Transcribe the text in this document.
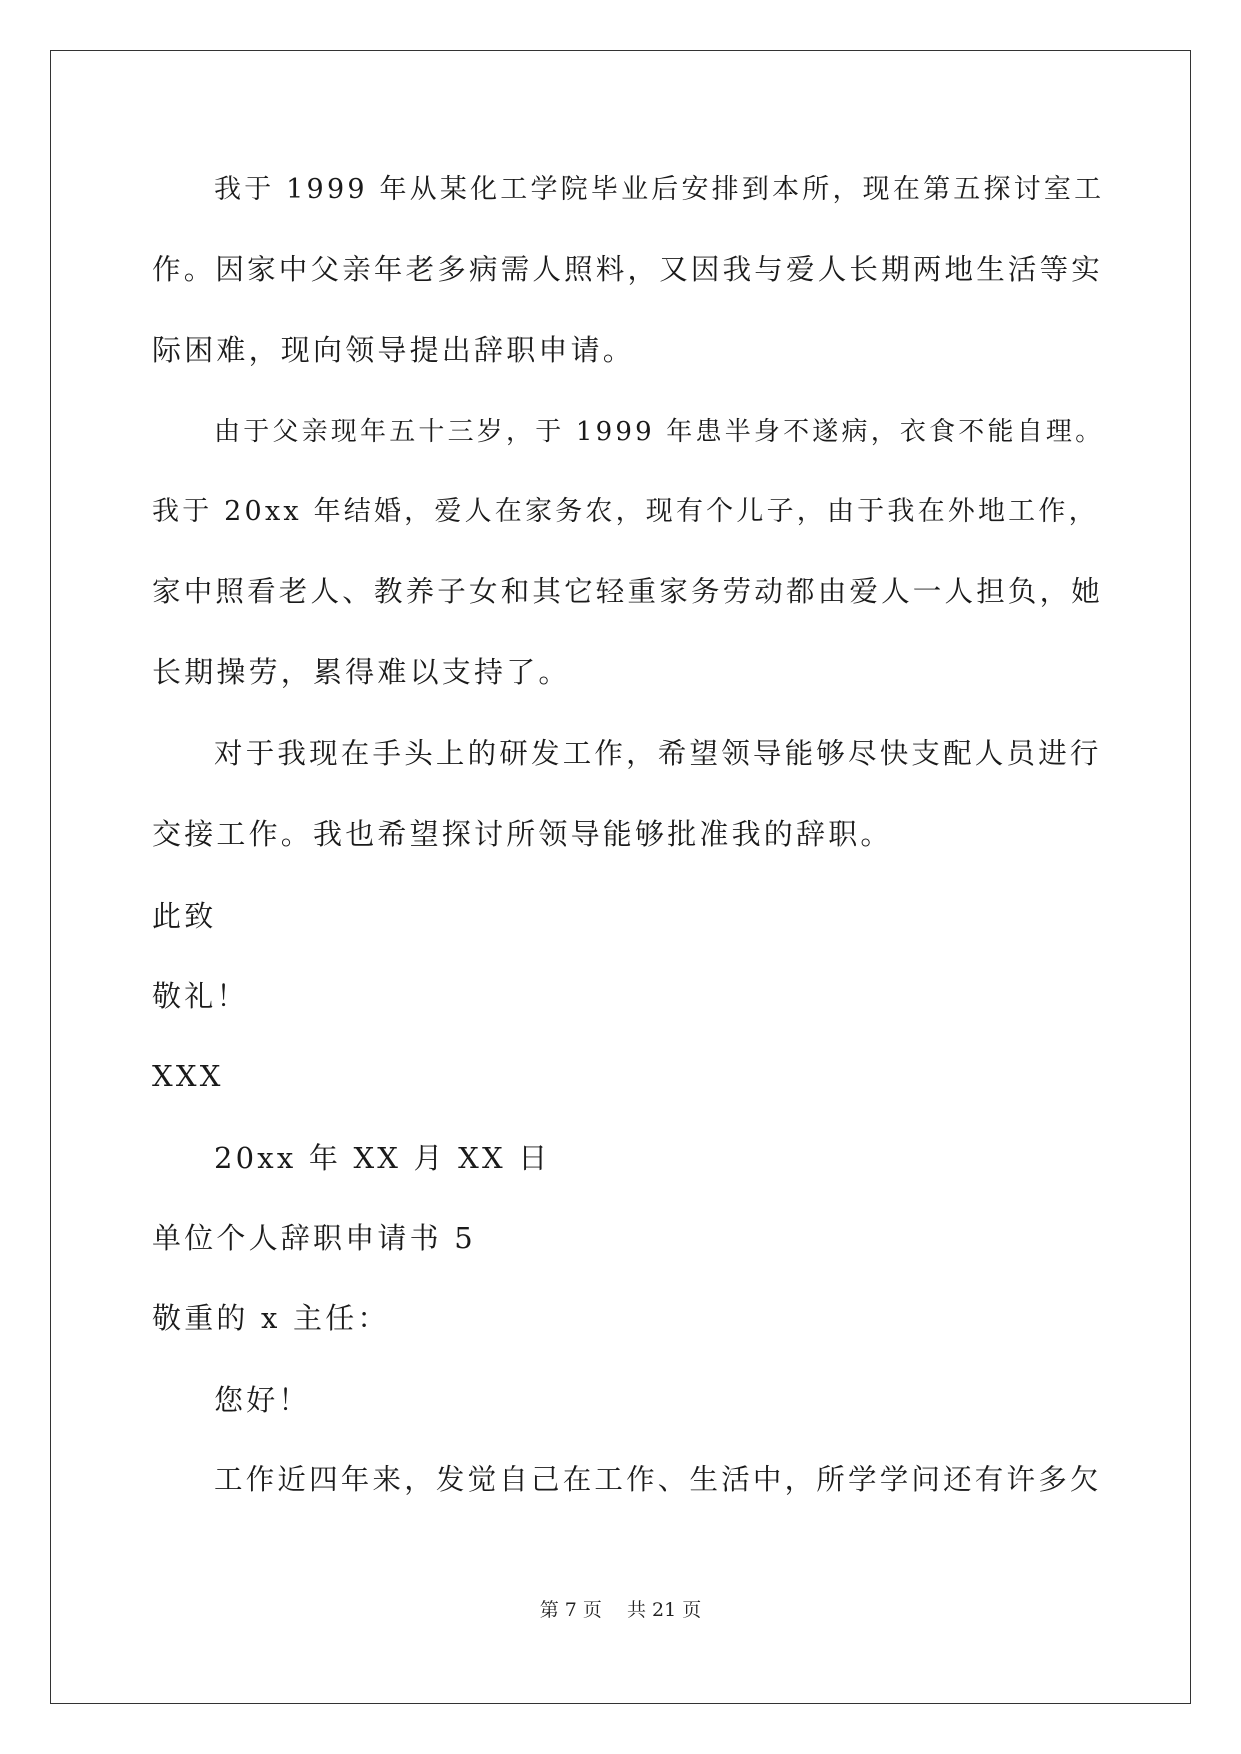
我于 1999 年从某化工学院毕业后安排到本所，现在第五探讨室工
作。因家中父亲年老多病需人照料，又因我与爱人长期两地生活等实
际困难，现向领导提出辞职申请。
由于父亲现年五十三岁，于 1999 年患半身不遂病，衣食不能自理。
我于 20xx 年结婚，爱人在家务农，现有个儿子，由于我在外地工作，
家中照看老人、教养子女和其它轻重家务劳动都由爱人一人担负，她
长期操劳，累得难以支持了。
对于我现在手头上的研发工作，希望领导能够尽快支配人员进行
交接工作。我也希望探讨所领导能够批准我的辞职。
此致
敬礼！
XXX
20xx 年 XX 月 XX 日
单位个人辞职申请书 5
敬重的 x 主任：
您好！
工作近四年来，发觉自己在工作、生活中，所学学问还有许多欠
第 7 页　 共 21 页
